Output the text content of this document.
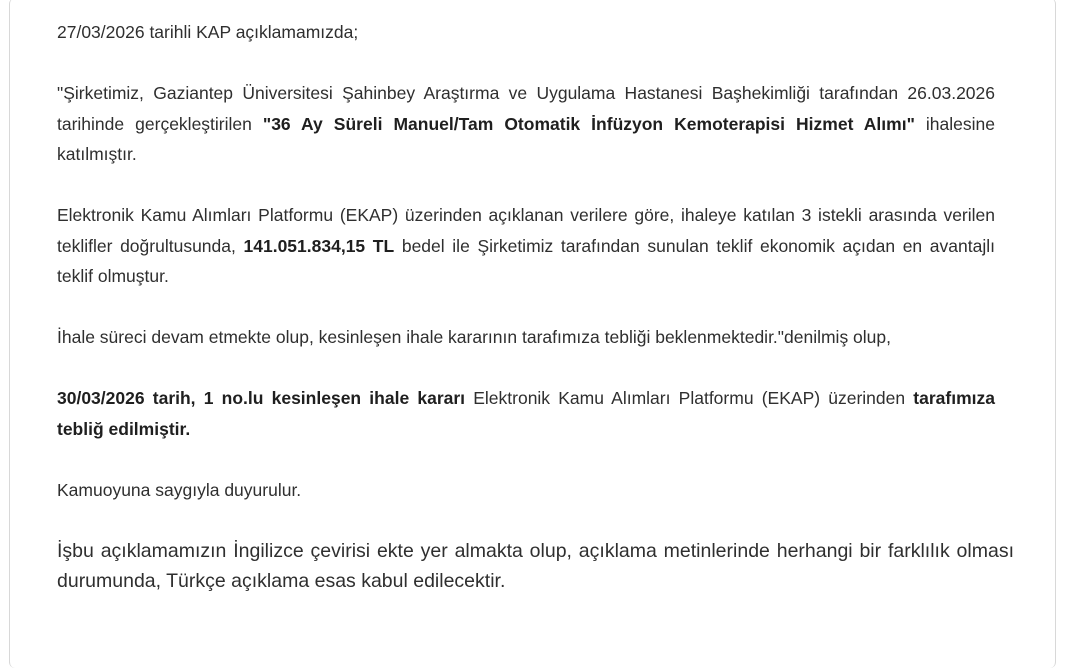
27/03/2026 tarihli KAP açıklamamızda;

"Şirketimiz, Gaziantep Üniversitesi Şahinbey Araştırma ve Uygulama Hastanesi Başhekimliği tarafından 26.03.2026 tarihinde gerçekleştirilen "36 Ay Süreli Manuel/Tam Otomatik İnfüzyon Kemoterapisi Hizmet Alımı" ihalesine katılmıştır.

Elektronik Kamu Alımları Platformu (EKAP) üzerinden açıklanan verilere göre, ihaleye katılan 3 istekli arasında verilen teklifler doğrultusunda, 141.051.834,15 TL bedel ile Şirketimiz tarafından sunulan teklif ekonomik açıdan en avantajlı teklif olmuştur.

İhale süreci devam etmekte olup, kesinleşen ihale kararının tarafımıza tebliği beklenmektedir."denilmiş olup,

30/03/2026 tarih, 1 no.lu kesinleşen ihale kararı Elektronik Kamu Alımları Platformu (EKAP) üzerinden tarafımıza tebliğ edilmiştir.

Kamuoyuna saygıyla duyurulur.

İşbu açıklamamızın İngilizce çevirisi ekte yer almakta olup, açıklama metinlerinde herhangi bir farklılık olması durumunda, Türkçe açıklama esas kabul edilecektir.
